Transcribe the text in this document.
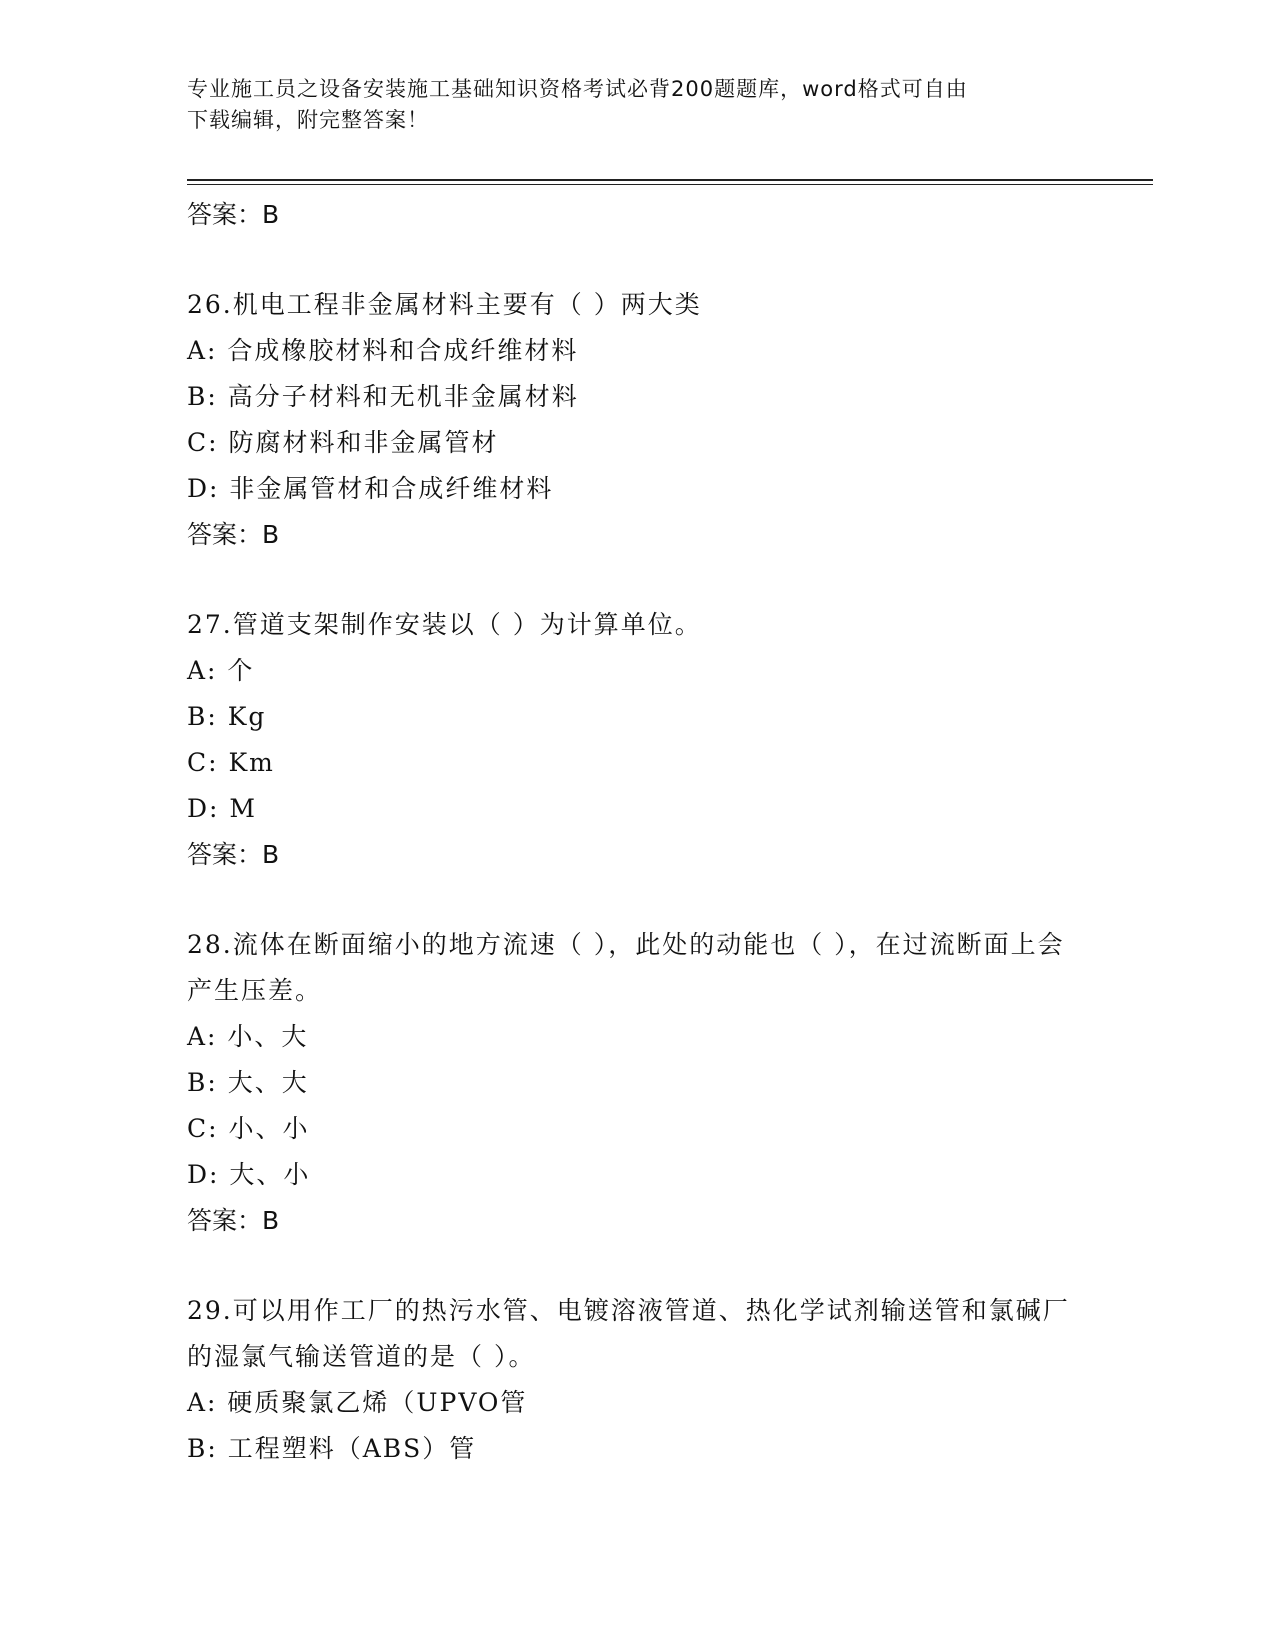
专业施工员之设备安装施工基础知识资格考试必背200题题库，word格式可自由
下载编辑，附完整答案！
答案：B
26.机电工程非金属材料主要有（ ）两大类
A: 合成橡胶材料和合成纤维材料
B: 高分子材料和无机非金属材料
C: 防腐材料和非金属管材
D: 非金属管材和合成纤维材料
答案：B
27.管道支架制作安装以（ ）为计算单位。
A: 个
B: Kg
C: Km
D: M
答案：B
28.流体在断面缩小的地方流速（ ），此处的动能也（ ），在过流断面上会产生压差。
A: 小、大
B: 大、大
C: 小、小
D: 大、小
答案：B
29.可以用作工厂的热污水管、电镀溶液管道、热化学试剂输送管和氯碱厂的湿氯气输送管道的是（ ）。
A: 硬质聚氯乙烯（UPVO管
B: 工程塑料（ABS）管
